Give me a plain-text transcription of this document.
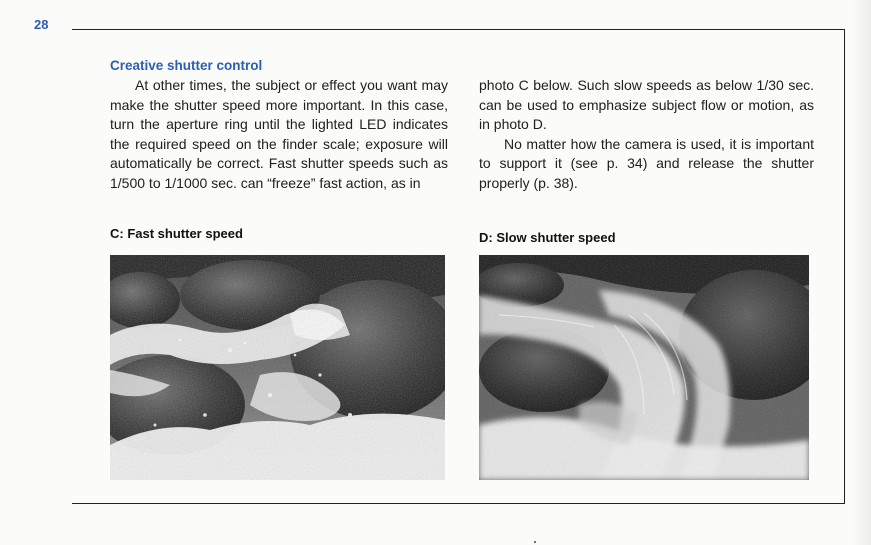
28
Creative shutter control

At other times, the subject or effect you want may make the shutter speed more important. In this case, turn the aperture ring until the lighted LED indicates the required speed on the finder scale; exposure will automatically be correct. Fast shutter speeds such as 1/500 to 1/1000 sec. can “freeze” fast action, as in

photo C below. Such slow speeds as below 1/30 sec. can be used to emphasize subject flow or motion, as in photo D.

No matter how the camera is used, it is important to support it (see p. 34) and release the shutter properly (p. 38).

C: Fast shutter speed	D: Slow shutter speed
